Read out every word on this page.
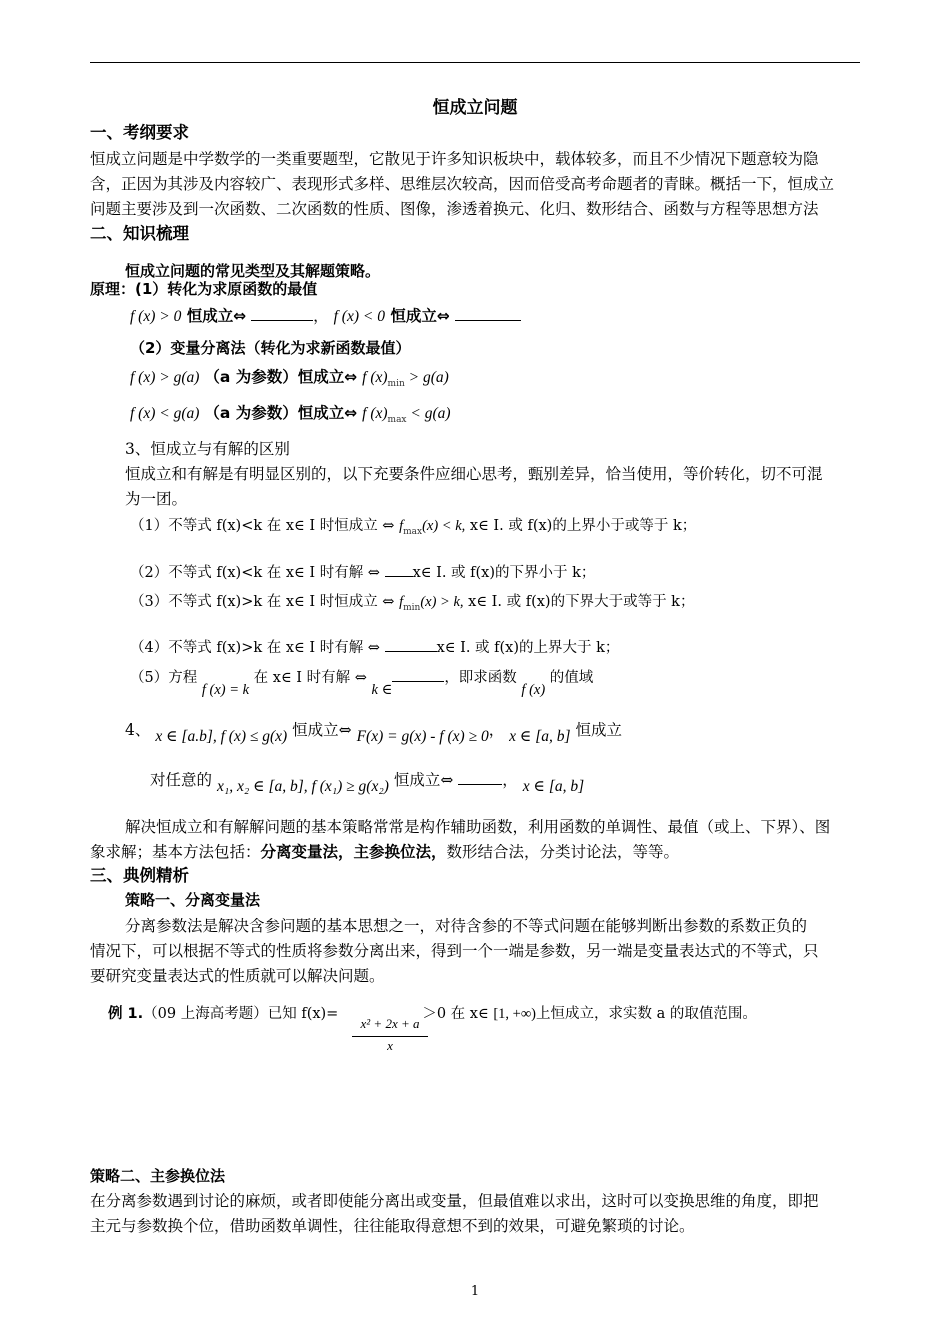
恒成立问题
一、考纲要求
恒成立问题是中学数学的一类重要题型，它散见于许多知识板块中，载体较多，而且不少情况下题意较为隐
含，正因为其涉及内容较广、表现形式多样、思维层次较高，因而倍受高考命题者的青睐。概括一下，恒成立
问题主要涉及到一次函数、二次函数的性质、图像，渗透着换元、化归、数形结合、函数与方程等思想方法
二、知识梳理
恒成立问题的常见类型及其解题策略。
原理：(1）转化为求原函数的最值
f (x) > 0 恒成立⇔	， f (x) < 0 恒成立⇔
（2）变量分离法（转化为求新函数最值）
f (x) > g(a) （a 为参数）恒成立⇔ f $(x)_{min} > g(a)$
f (x) < g(a) （a 为参数）恒成立⇔ f $(x)_{max} < g(a)$
3、恒成立与有解的区别
恒成立和有解是有明显区别的，以下充要条件应细心思考，甄别差异，恰当使用，等价转化，切不可混
为一团。
（1）不等式 f(x)<k 在 x∈ I 时恒成立 ⇔ $f_{max}(x) < k$, x∈ I. 或 f(x)的上界小于或等于 k；
（2）不等式 f(x)<k 在 x∈ I 时有解 ⇔ x∈ I. 或 f(x)的下界小于 k；
（3）不等式 f(x)>k 在 x∈ I 时恒成立 ⇔ $f_{min}(x) > k$, x∈ I. 或 f(x)的下界大于或等于 k；
（4）不等式 f(x)>k 在 x∈ I 时有解 ⇔	x∈ I. 或 f(x)的上界大于 k；
（5）方程 f (x) = k 在 x∈ I 时有解 ⇔ k ∈，即求函数 f (x) 的值域
4、 x ∈ [a.b], f (x) ≤ g(x) 恒成立⇔ F(x) = g(x) - f (x) ≥ 0， x ∈ [a, b] 恒成立
对任意的 x₁, x₂ ∈ [a, b], f (x₁) ≥ g(x₂) 恒成立⇔	， x ∈ [a, b]
解决恒成立和有解解问题的基本策略常常是构作辅助函数，利用函数的单调性、最值（或上、下界）、图
象求解；基本方法包括：分离变量法，主参换位法，数形结合法，分类讨论法，等等。
三、典例精析
策略一、分离变量法
分离参数法是解决含参问题的基本思想之一，对待含参的不等式问题在能够判断出参数的系数正负的
情况下，可以根据不等式的性质将参数分离出来，得到一个一端是参数，另一端是变量表达式的不等式，只
要研究变量表达式的性质就可以解决问题。
例 1.（09 上海高考题）已知 f(x)=	＞0 在 x∈ [1, +∞)上恒成立，求实数 a 的取值范围。
x² + 2x + a
x
策略二、主参换位法
在分离参数遇到讨论的麻烦，或者即使能分离出或变量，但最值难以求出，这时可以变换思维的角度，即把
主元与参数换个位，借助函数单调性，往往能取得意想不到的效果，可避免繁琐的讨论。
1
